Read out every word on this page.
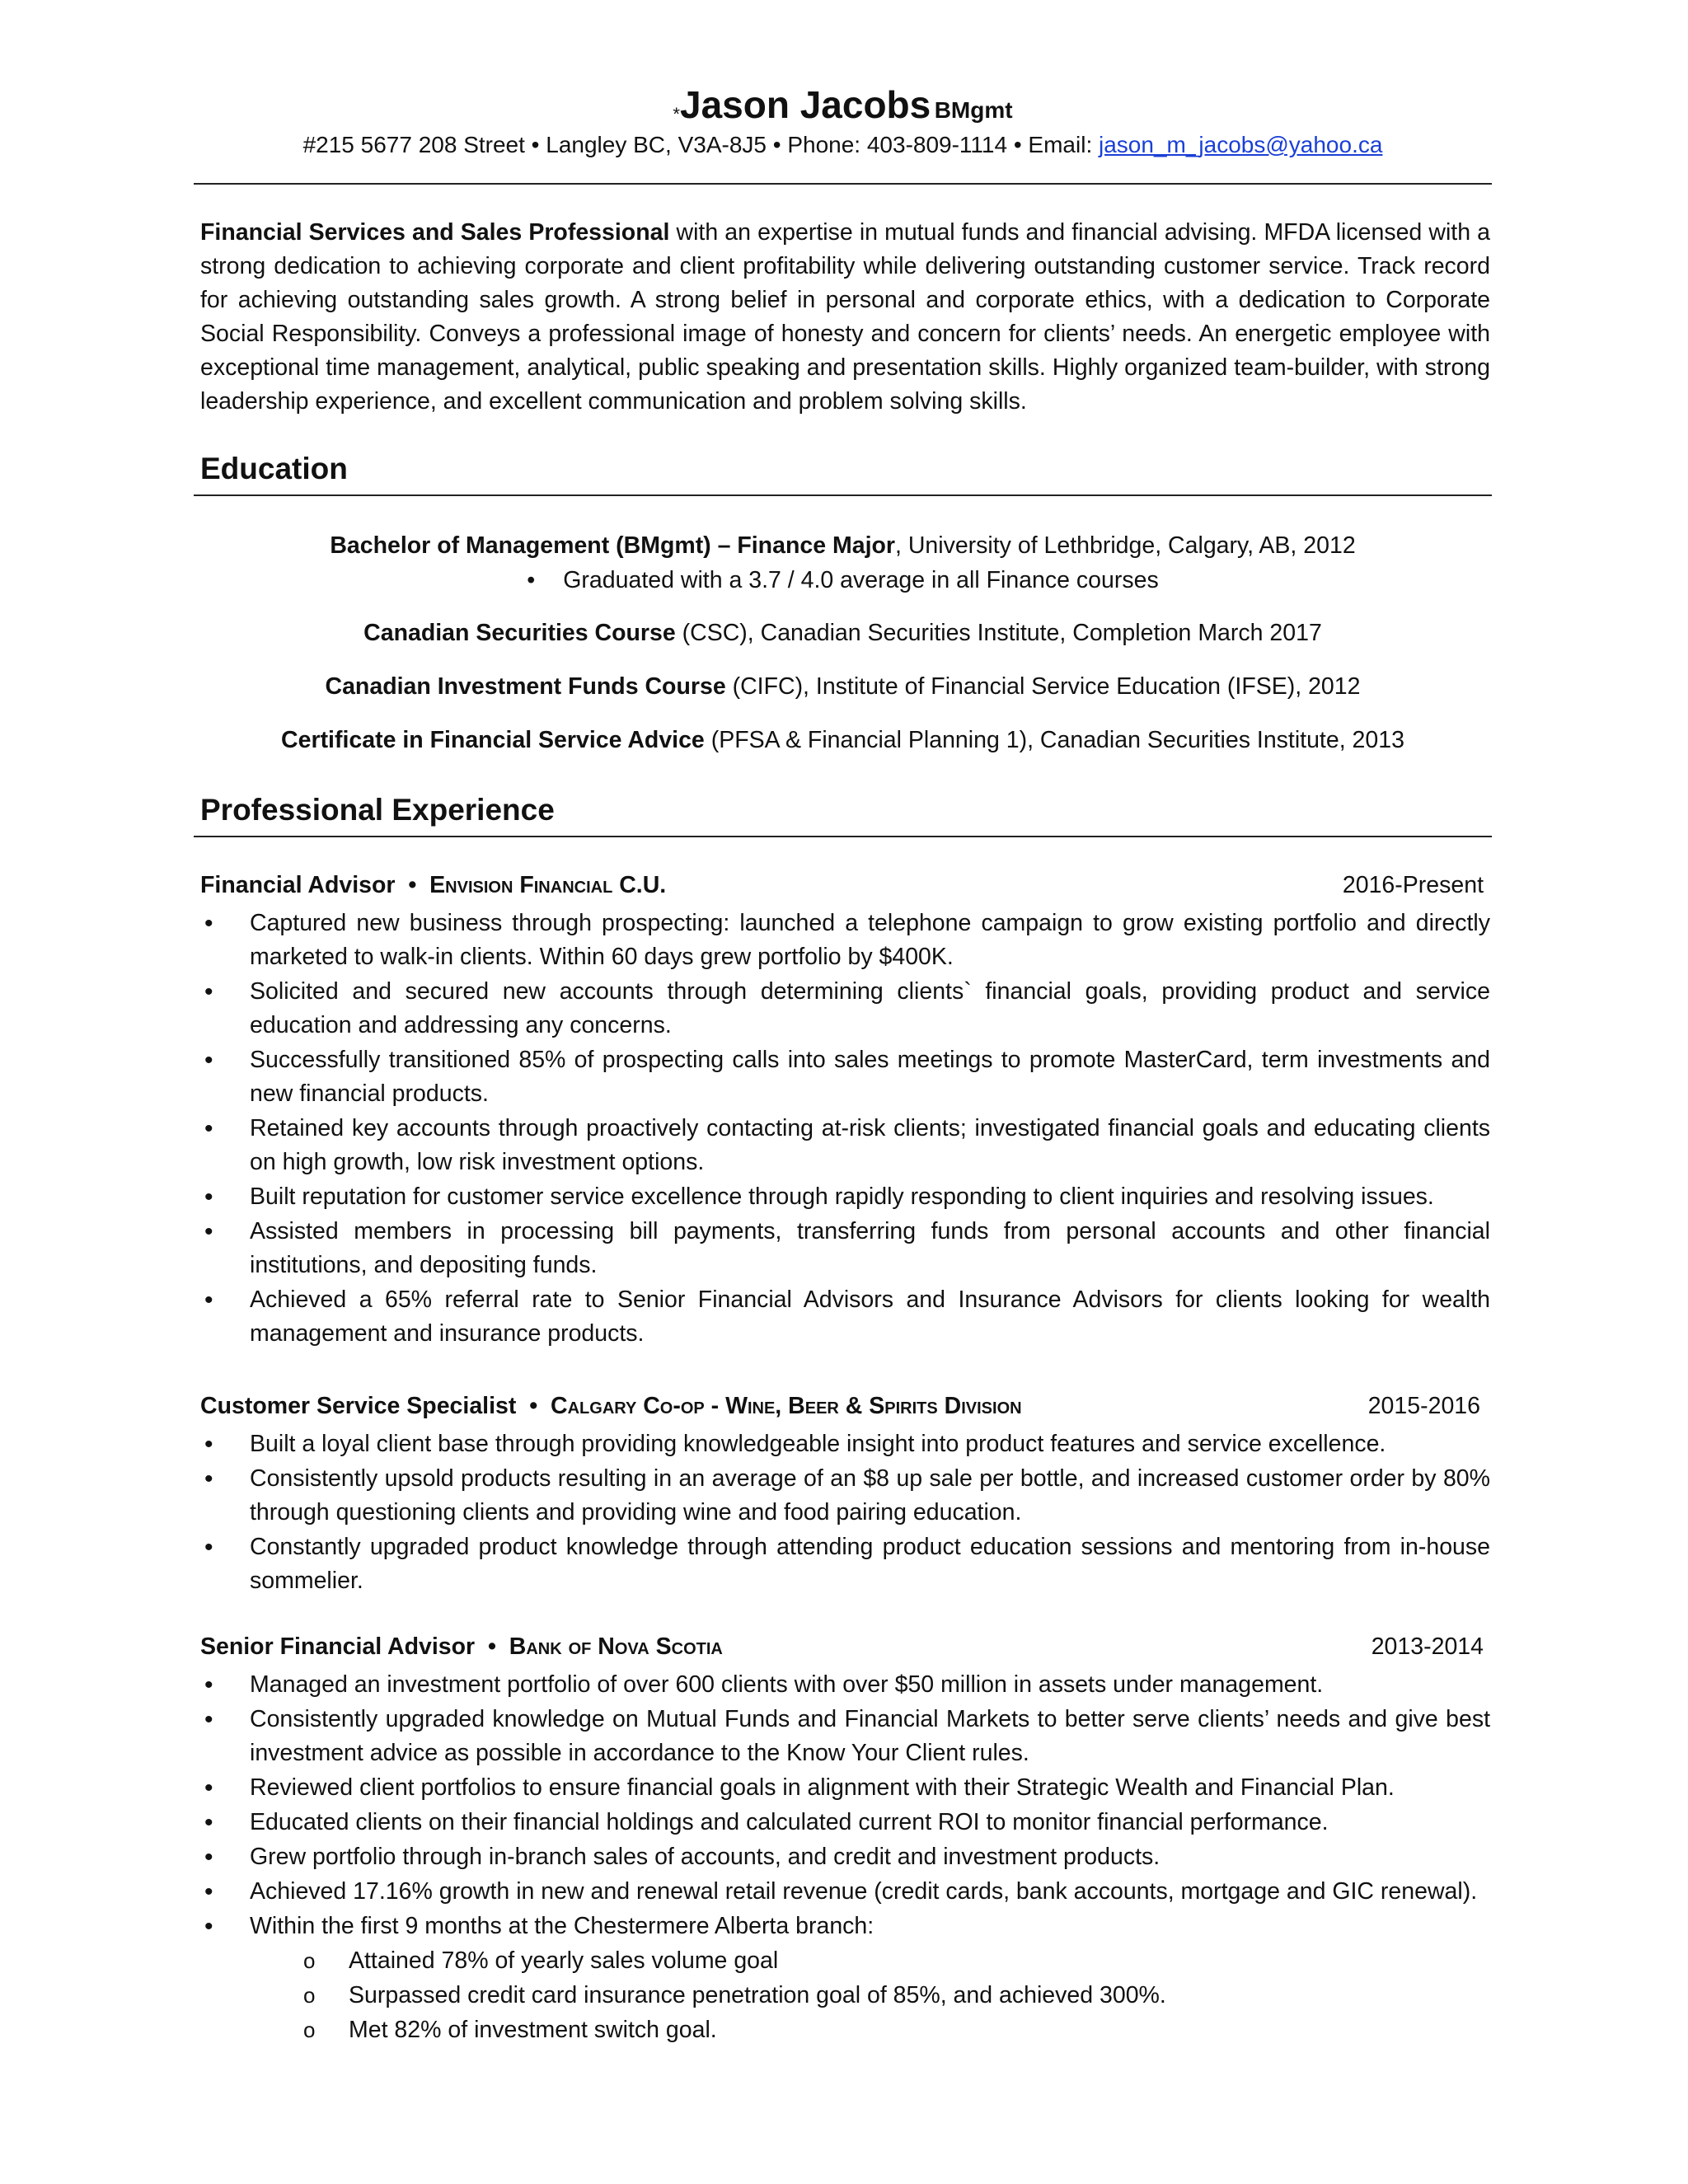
*Jason Jacobs BMgmt
#215 5677 208 Street • Langley BC, V3A-8J5 • Phone: 403-809-1114 • Email: jason_m_jacobs@yahoo.ca
Financial Services and Sales Professional with an expertise in mutual funds and financial advising. MFDA licensed with a strong dedication to achieving corporate and client profitability while delivering outstanding customer service. Track record for achieving outstanding sales growth. A strong belief in personal and corporate ethics, with a dedication to Corporate Social Responsibility. Conveys a professional image of honesty and concern for clients’ needs. An energetic employee with exceptional time management, analytical, public speaking and presentation skills. Highly organized team-builder, with strong leadership experience, and excellent communication and problem solving skills.
Education
Bachelor of Management (BMgmt) – Finance Major, University of Lethbridge, Calgary, AB, 2012
• Graduated with a 3.7 / 4.0 average in all Finance courses
Canadian Securities Course (CSC), Canadian Securities Institute, Completion March 2017
Canadian Investment Funds Course (CIFC), Institute of Financial Service Education (IFSE), 2012
Certificate in Financial Service Advice (PFSA & Financial Planning 1), Canadian Securities Institute, 2013
Professional Experience
Financial Advisor  •  Envision Financial C.U.	2016-Present
• Captured new business through prospecting: launched a telephone campaign to grow existing portfolio and directly marketed to walk-in clients. Within 60 days grew portfolio by $400K.
• Solicited and secured new accounts through determining clients` financial goals, providing product and service education and addressing any concerns.
• Successfully transitioned 85% of prospecting calls into sales meetings to promote MasterCard, term investments and new financial products.
• Retained key accounts through proactively contacting at-risk clients; investigated financial goals and educating clients on high growth, low risk investment options.
• Built reputation for customer service excellence through rapidly responding to client inquiries and resolving issues.
• Assisted members in processing bill payments, transferring funds from personal accounts and other financial institutions, and depositing funds.
• Achieved a 65% referral rate to Senior Financial Advisors and Insurance Advisors for clients looking for wealth management and insurance products.
Customer Service Specialist  •  Calgary Co-op - Wine, Beer & Spirits Division	2015-2016
• Built a loyal client base through providing knowledgeable insight into product features and service excellence.
• Consistently upsold products resulting in an average of an $8 up sale per bottle, and increased customer order by 80% through questioning clients and providing wine and food pairing education.
• Constantly upgraded product knowledge through attending product education sessions and mentoring from in-house sommelier.
Senior Financial Advisor  •  Bank of Nova Scotia	2013-2014
• Managed an investment portfolio of over 600 clients with over $50 million in assets under management.
• Consistently upgraded knowledge on Mutual Funds and Financial Markets to better serve clients’ needs and give best investment advice as possible in accordance to the Know Your Client rules.
• Reviewed client portfolios to ensure financial goals in alignment with their Strategic Wealth and Financial Plan.
• Educated clients on their financial holdings and calculated current ROI to monitor financial performance.
• Grew portfolio through in-branch sales of accounts, and credit and investment products.
• Achieved 17.16% growth in new and renewal retail revenue (credit cards, bank accounts, mortgage and GIC renewal).
• Within the first 9 months at the Chestermere Alberta branch:
o Attained 78% of yearly sales volume goal
o Surpassed credit card insurance penetration goal of 85%, and achieved 300%.
o Met 82% of investment switch goal.
